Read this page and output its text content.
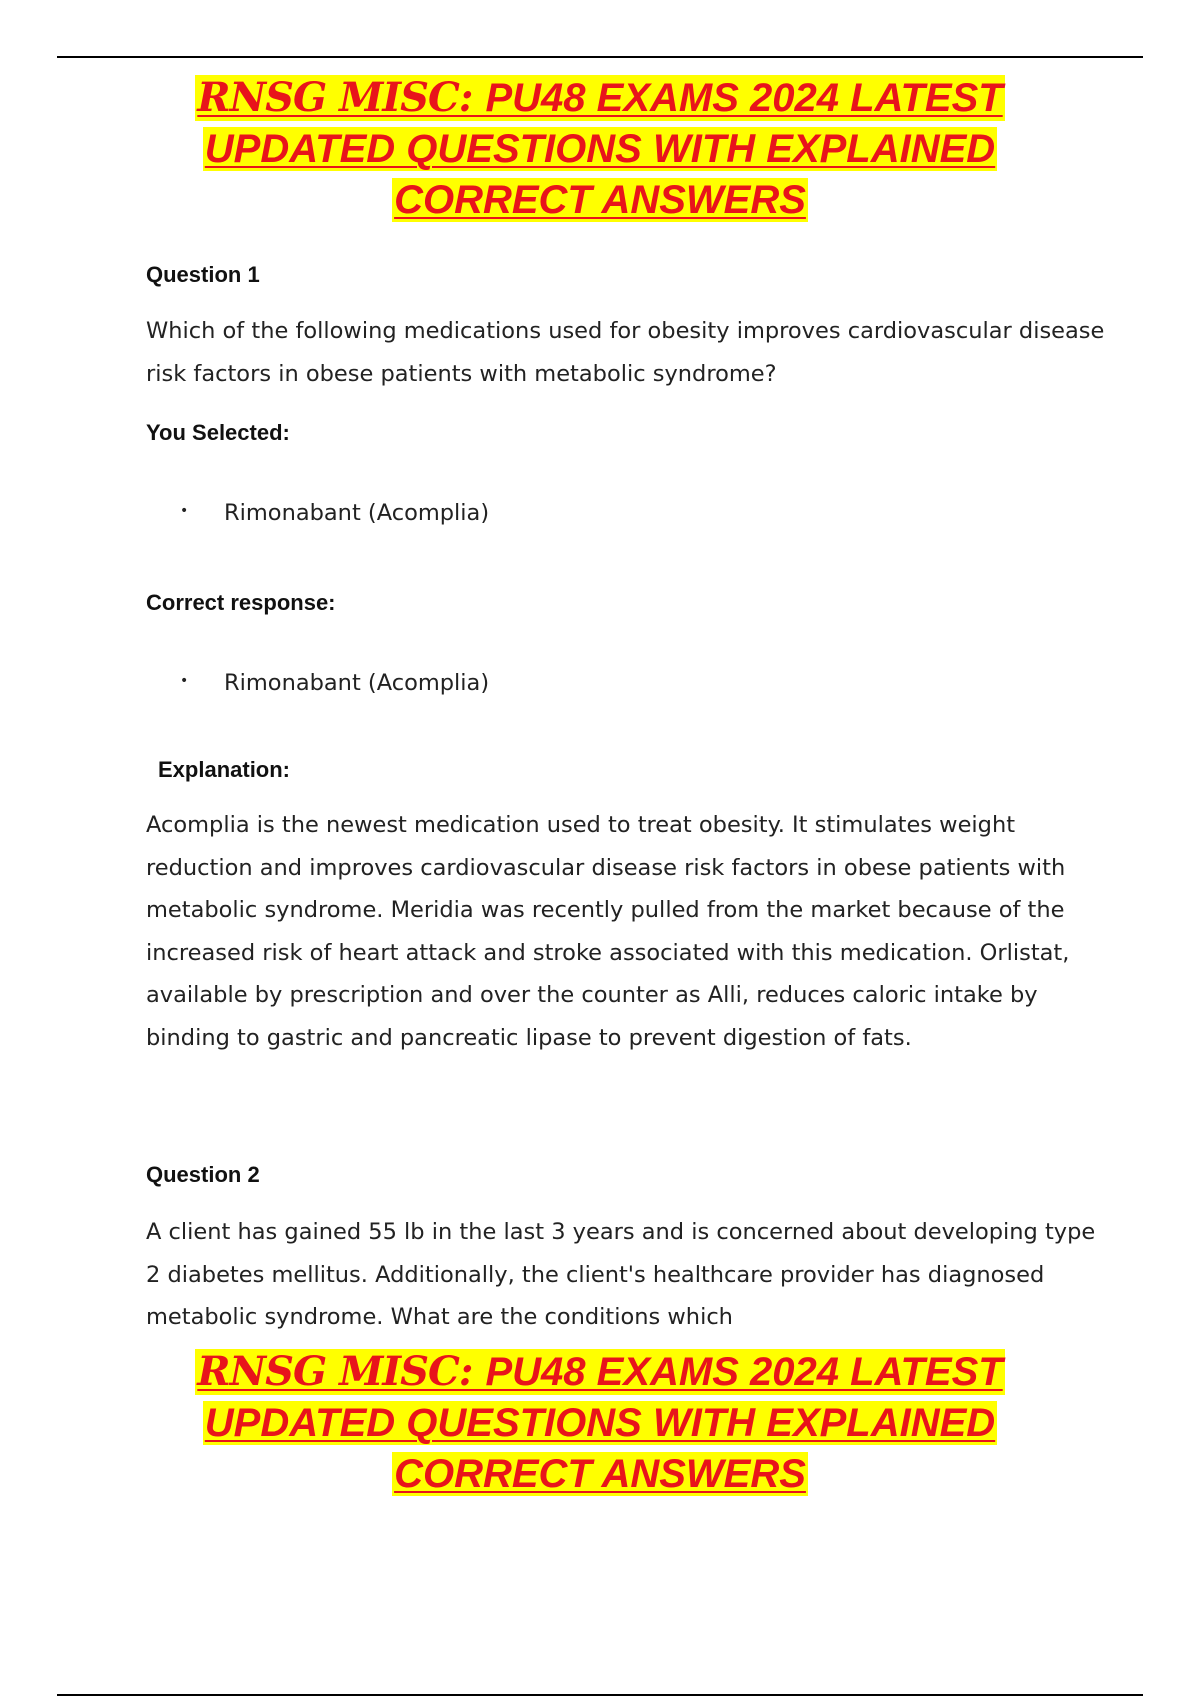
RNSG MISC: PU48 EXAMS 2024 LATEST
UPDATED QUESTIONS WITH EXPLAINED
CORRECT ANSWERS
Question 1
Which of the following medications used for obesity improves cardiovascular disease risk factors in obese patients with metabolic syndrome?
You Selected:
• Rimonabant (Acomplia)
Correct response:
• Rimonabant (Acomplia)
Explanation:
Acomplia is the newest medication used to treat obesity. It stimulates weight reduction and improves cardiovascular disease risk factors in obese patients with metabolic syndrome. Meridia was recently pulled from the market because of the increased risk of heart attack and stroke associated with this medication. Orlistat, available by prescription and over the counter as Alli, reduces caloric intake by binding to gastric and pancreatic lipase to prevent digestion of fats.
Question 2
A client has gained 55 lb in the last 3 years and is concerned about developing type 2 diabetes mellitus. Additionally, the client's healthcare provider has diagnosed metabolic syndrome. What are the conditions which
RNSG MISC: PU48 EXAMS 2024 LATEST
UPDATED QUESTIONS WITH EXPLAINED
CORRECT ANSWERS
